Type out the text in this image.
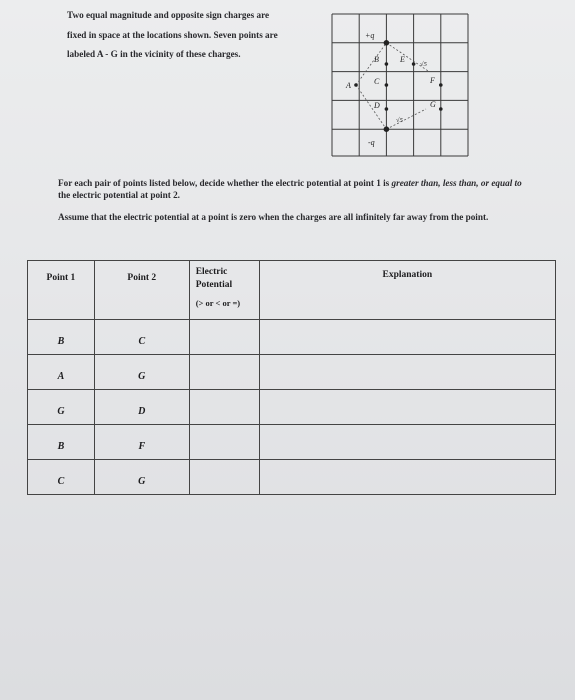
Two equal magnitude and opposite sign charges are
fixed in space at the locations shown. Seven points are
labeled A - G in the vicinity of these charges.
+q
-q
A
B
C
D
E
F
G
√5
√5
For each pair of points listed below, decide whether the electric potential at point 1 is greater than, less than, or equal to the electric potential at point 2.
Assume that the electric potential at a point is zero when the charges are all infinitely far away from the point.
Point 1	Point 2	Electric
Potential
(> or < or =)	Explanation

B	C		
A	G		
G	D		
B	F		
C	G		
